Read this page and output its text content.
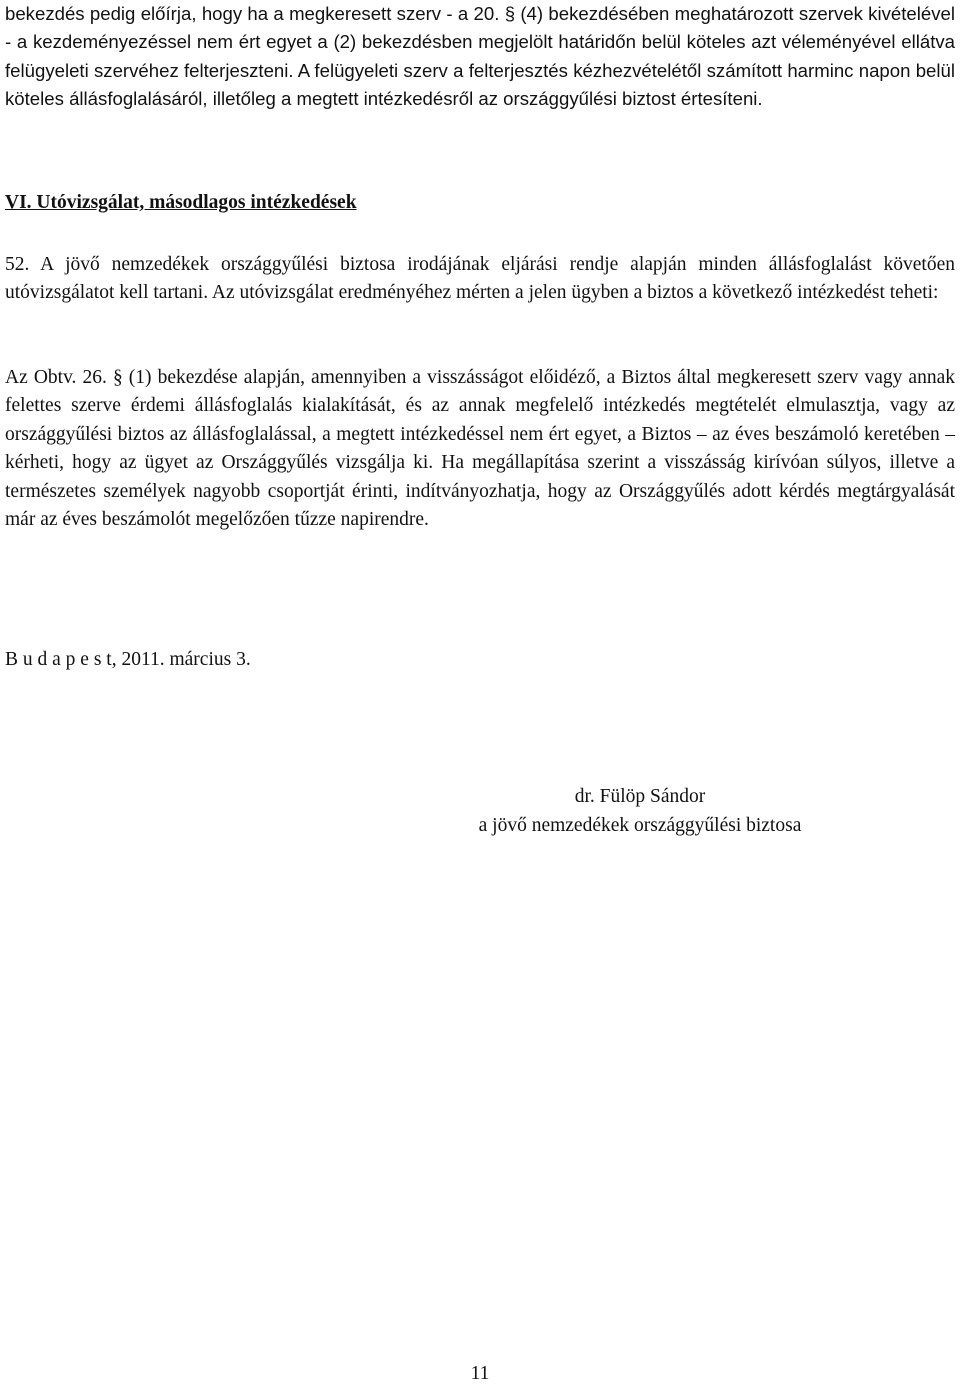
bekezdés pedig előírja, hogy ha a megkeresett szerv - a 20. § (4) bekezdésében meghatározott szervek kivételével - a kezdeményezéssel nem ért egyet a (2) bekezdésben megjelölt határidőn belül köteles azt véleményével ellátva felügyeleti szervéhez felterjeszteni. A felügyeleti szerv a felterjesztés kézhezvételétől számított harminc napon belül köteles állásfoglalásáról, illetőleg a megtett intézkedésről az országgyűlési biztost értesíteni.

VI. Utóvizsgálat, másodlagos intézkedések

52. A jövő nemzedékek országgyűlési biztosa irodájának eljárási rendje alapján minden állásfoglalást követően utóvizsgálatot kell tartani. Az utóvizsgálat eredményéhez mérten a jelen ügyben a biztos a következő intézkedést teheti:

Az Obtv. 26. § (1) bekezdése alapján, amennyiben a visszásságot előidéző, a Biztos által megkeresett szerv vagy annak felettes szerve érdemi állásfoglalás kialakítását, és az annak megfelelő intézkedés megtételét elmulasztja, vagy az országgyűlési biztos az állásfoglalással, a megtett intézkedéssel nem ért egyet, a Biztos – az éves beszámoló keretében – kérheti, hogy az ügyet az Országgyűlés vizsgálja ki. Ha megállapítása szerint a visszásság kirívóan súlyos, illetve a természetes személyek nagyobb csoportját érinti, indítványozhatja, hogy az Országgyűlés adott kérdés megtárgyalását már az éves beszámolót megelőzően tűzze napirendre.

B u d a p e s t, 2011. március 3.
dr. Fülöp Sándor
a jövő nemzedékek országgyűlési biztosa
11
